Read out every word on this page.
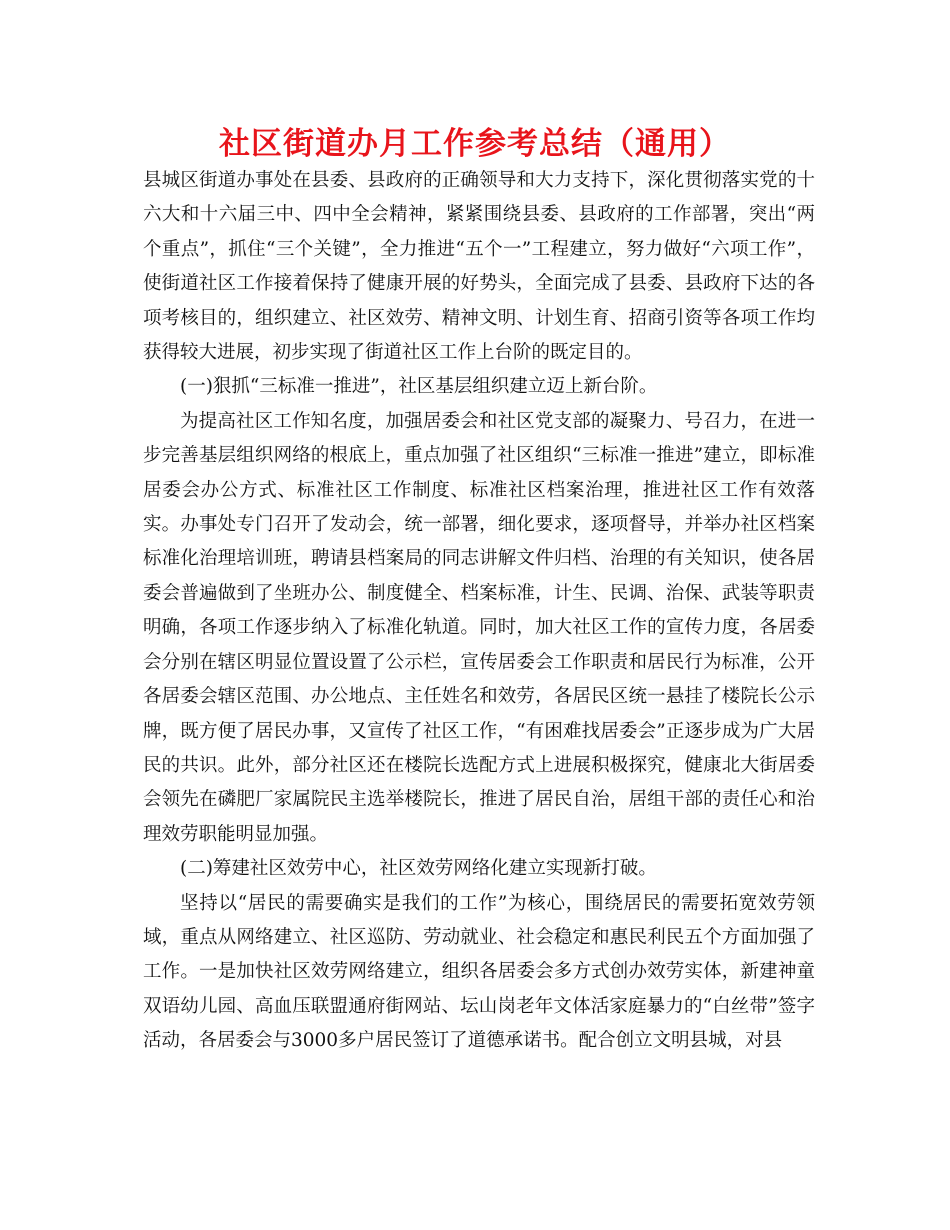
社区街道办月工作参考总结（通用）

县城区街道办事处在县委、县政府的正确领导和大力支持下，深化贯彻落实党的十六大和十六届三中、四中全会精神，紧紧围绕县委、县政府的工作部署，突出“两个重点”，抓住“三个关键”，全力推进“五个一”工程建立，努力做好“六项工作”，使街道社区工作接着保持了健康开展的好势头，全面完成了县委、县政府下达的各项考核目的，组织建立、社区效劳、精神文明、计划生育、招商引资等各项工作均获得较大进展，初步实现了街道社区工作上台阶的既定目的。

(一)狠抓“三标准一推进”，社区基层组织建立迈上新台阶。

为提高社区工作知名度，加强居委会和社区党支部的凝聚力、号召力，在进一步完善基层组织网络的根底上，重点加强了社区组织“三标准一推进”建立，即标准居委会办公方式、标准社区工作制度、标准社区档案治理，推进社区工作有效落实。办事处专门召开了发动会，统一部署，细化要求，逐项督导，并举办社区档案标准化治理培训班，聘请县档案局的同志讲解文件归档、治理的有关知识，使各居委会普遍做到了坐班办公、制度健全、档案标准，计生、民调、治保、武装等职责明确，各项工作逐步纳入了标准化轨道。同时，加大社区工作的宣传力度，各居委会分别在辖区明显位置设置了公示栏，宣传居委会工作职责和居民行为标准，公开各居委会辖区范围、办公地点、主任姓名和效劳，各居民区统一悬挂了楼院长公示牌，既方便了居民办事，又宣传了社区工作，“有困难找居委会”正逐步成为广大居民的共识。此外，部分社区还在楼院长选配方式上进展积极探究，健康北大街居委会领先在磷肥厂家属院民主选举楼院长，推进了居民自治，居组干部的责任心和治理效劳职能明显加强。

(二)筹建社区效劳中心，社区效劳网络化建立实现新打破。

坚持以“居民的需要确实是我们的工作”为核心，围绕居民的需要拓宽效劳领域，重点从网络建立、社区巡防、劳动就业、社会稳定和惠民利民五个方面加强了工作。一是加快社区效劳网络建立，组织各居委会多方式创办效劳实体，新建神童双语幼儿园、高血压联盟通府街网站、坛山岗老年文体活家庭暴力的“白丝带”签字活动，各居委会与3000多户居民签订了道德承诺书。配合创立文明县城，对县
